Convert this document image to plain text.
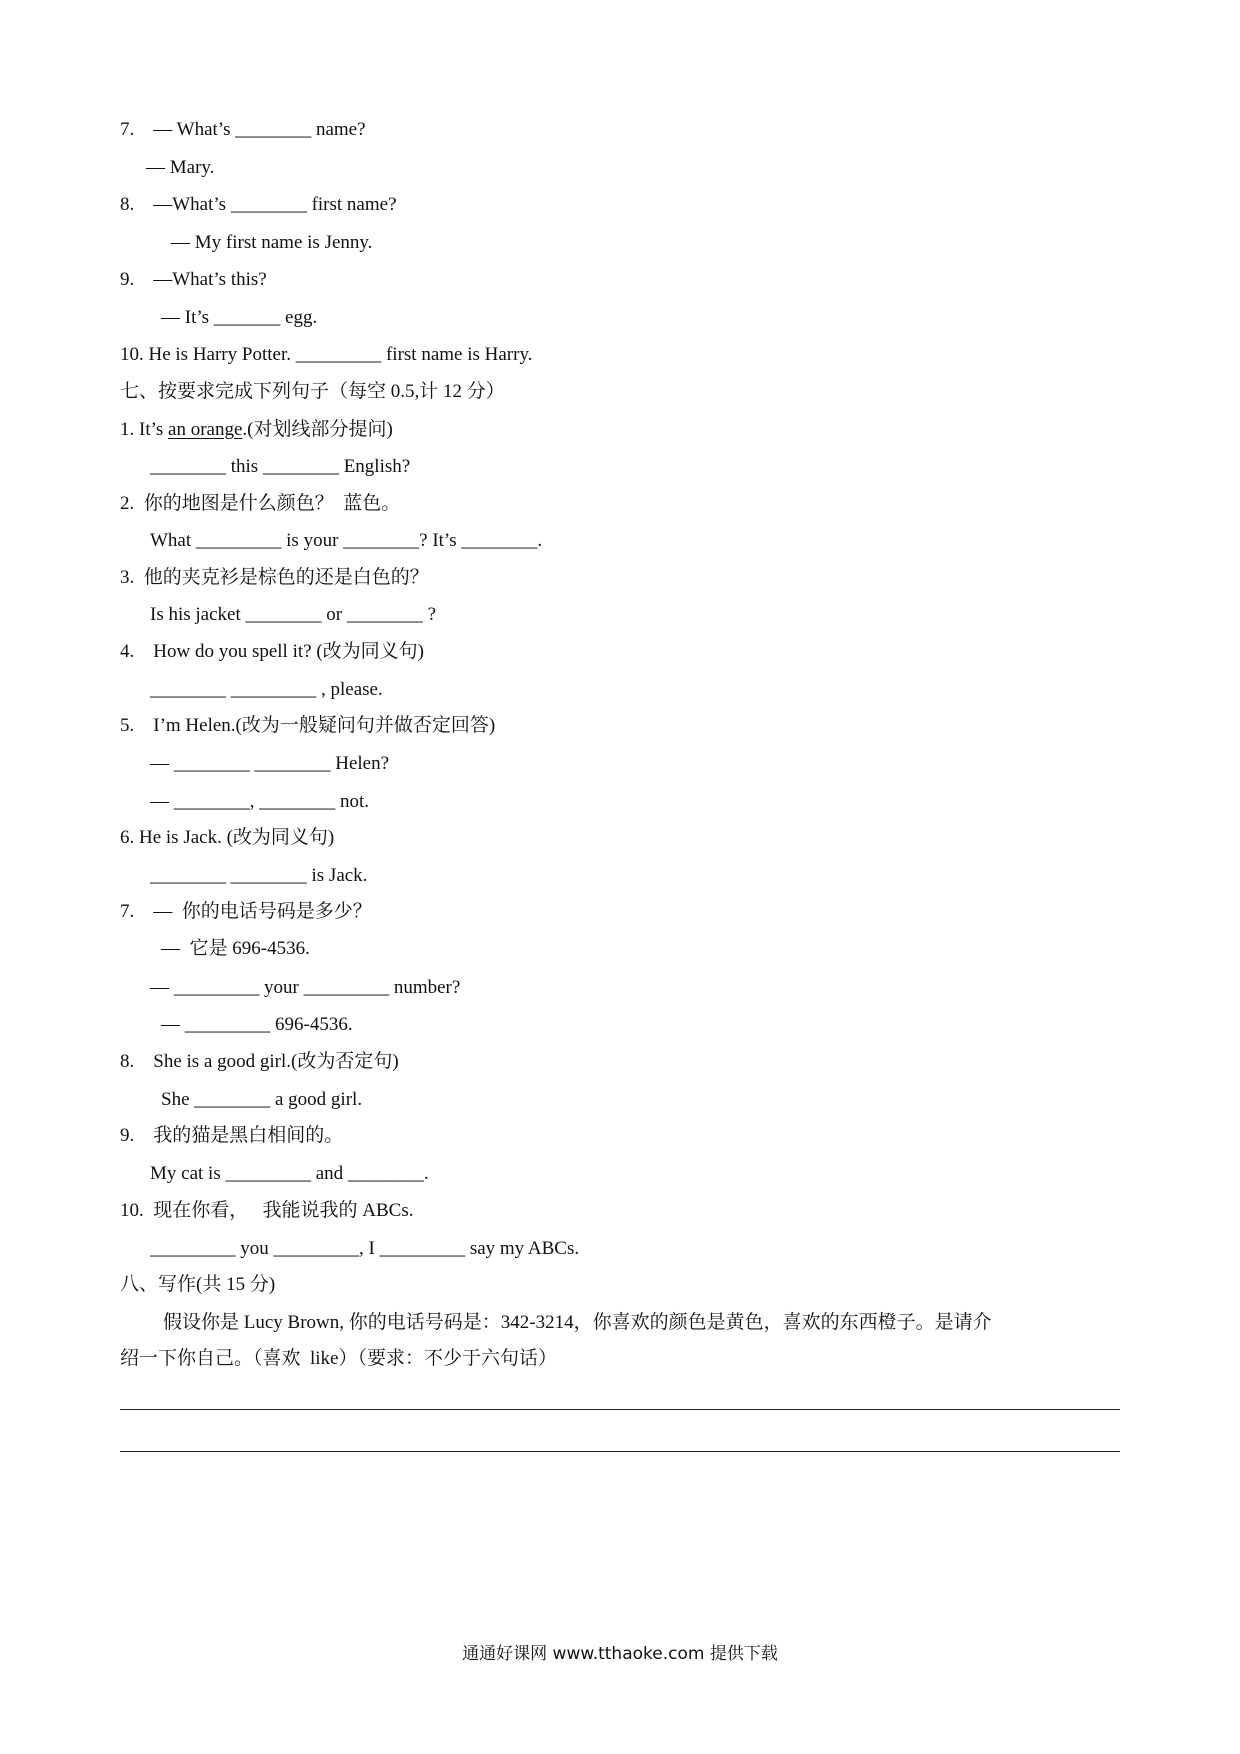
7.    — What’s ________ name?
— Mary.
8.    —What’s ________ first name?
— My first name is Jenny.
9.    —What’s this?
— It’s _______ egg.
10. He is Harry Potter. _________ first name is Harry.
七、按要求完成下列句子（每空 0.5,计 12 分）
1. It’s an orange.(对划线部分提问)
________ this ________ English?
2.  你的地图是什么颜色？  蓝色。
What _________ is your ________? It’s ________.
3.  他的夹克衫是棕色的还是白色的？
Is his jacket ________ or ________ ?
4.    How do you spell it? (改为同义句)
________ _________ , please.
5.    I’m Helen.(改为一般疑问句并做否定回答)
— ________ ________ Helen?
— ________, ________ not.
6. He is Jack. (改为同义句)
________ ________ is Jack.
7.    —  你的电话号码是多少？
—  它是 696-4536.
— _________ your _________ number?
— _________ 696-4536.
8.    She is a good girl.(改为否定句)
She ________ a good girl.
9.    我的猫是黑白相间的。
My cat is _________ and ________.
10.  现在你看，   我能说我的 ABCs.
_________ you _________, I _________ say my ABCs.
八、写作(共 15 分)
假设你是 Lucy Brown, 你的电话号码是：342-3214，你喜欢的颜色是黄色，喜欢的东西橙子。是请介
绍一下你自己。（喜欢  like）（要求：不少于六句话）
通通好课网 www.tthaoke.com 提供下载
